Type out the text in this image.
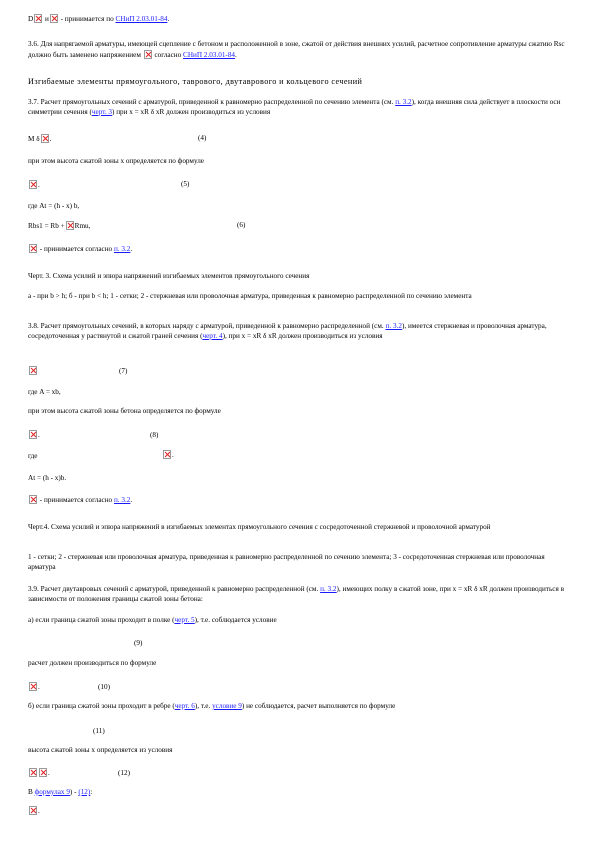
D и - принимается по СНиП 2.03.01-84.
3.6. Для напрягаемой арматуры, имеющей сцепление с бетоном и расположенной в зоне, сжатой от действия внешних усилий, расчетное сопротивление арматуры сжатию Rsc должно быть заменено напряжением согласно СНиП 2.03.01-84.
Изгибаемые элементы прямоугольного, таврового, двутаврового и кольцевого сечений
3.7. Расчет прямоугольных сечений с арматурой, приведенной к равномерно распределенной по сечению элемента (см. п. 3.2), когда внешняя сила действует в плоскости оси симметрии сечения (черт. 3) при x = xR δ xR должен производиться из условия
M δ .	(4)
при этом высота сжатой зоны x определяется по формуле
.	(5)
где At = (h - x) b,
Rbs1 = Rb + Rmu,	(6)
- принимается согласно п. 3.2.
Черт. 3. Схема усилий и эпюра напряжений изгибаемых элементов прямоугольного сечения
а - при b > h; б - при b < h; 1 - сетки; 2 - стержневая или проволочная арматура, приведенная к равномерно распределенной по сечению элемента
3.8. Расчет прямоугольных сечений, в которых наряду с арматурой, приведенной к равномерно распределенной (см. п. 3.2), имеется стержневая и проволочная арматура, сосредоточенная у растянутой и сжатой граней сечения (черт. 4), при x = xR δ xR должен производиться из условия
(7)
где A = xb,
при этом высота сжатой зоны бетона определяется по формуле
.	(8)
где	.
At = (h - x)b.
- принимается согласно п. 3.2.
Черт.4. Схема усилий и эпюра напряжений в изгибаемых элементах прямоугольного сечения с сосредоточенной стержневой и проволочной арматурой
1 - сетки; 2 - стержневая или проволочная арматура, приведенная к равномерно распределенной по сечению элемента; 3 - сосредоточенная стержневая или проволочная арматура
3.9. Расчет двутавровых сечений с арматурой, приведенной к равномерно распределенной (см. п. 3.2), имеющих полку в сжатой зоне, при x = xR δ xR должен производиться в зависимости от положения границы сжатой зоны бетона:
а) если граница сжатой зоны проходит в полке (черт. 5), т.е. соблюдается условие
(9)
расчет должен производиться по формуле
.	(10)
б) если граница сжатой зоны проходит в ребре (черт. 6), т.е. условие 9) не соблюдается, расчет выполняется по формуле
(11)
высота сжатой зоны x определяется из условия
.	(12)
В формулах 9) - (12):
.
